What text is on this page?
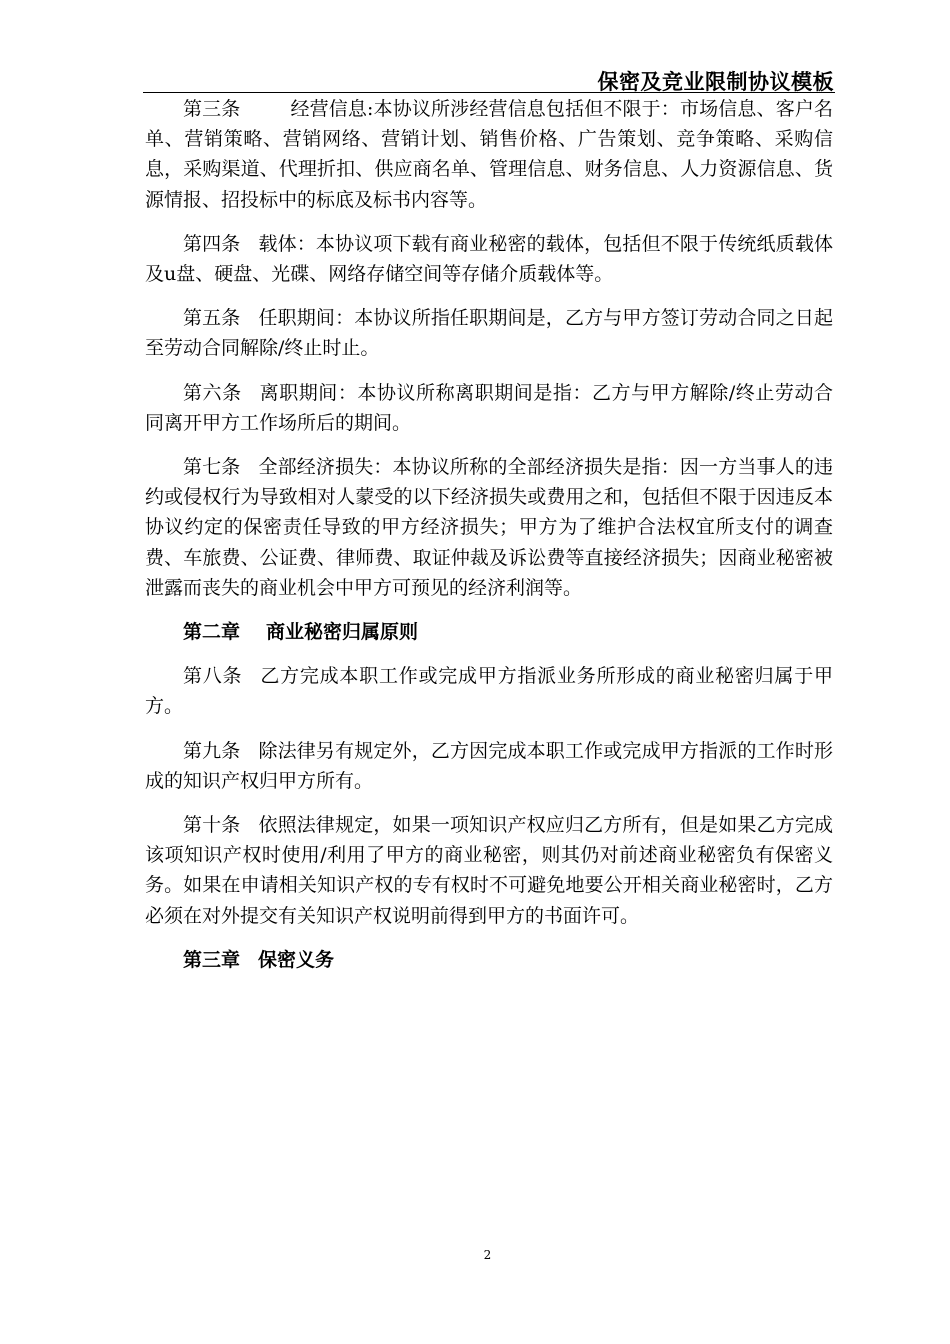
保密及竞业限制协议模板

第三条	经营信息:本协议所涉经营信息包括但不限于：市场信息、客户名单、营销策略、营销网络、营销计划、销售价格、广告策划、竞争策略、采购信息，采购渠道、代理折扣、供应商名单、管理信息、财务信息、人力资源信息、货源情报、招投标中的标底及标书内容等。

第四条 载体：本协议项下载有商业秘密的载体，包括但不限于传统纸质载体及u盘、硬盘、光碟、网络存储空间等存储介质载体等。

第五条 任职期间：本协议所指任职期间是，乙方与甲方签订劳动合同之日起至劳动合同解除/终止时止。

第六条 离职期间：本协议所称离职期间是指：乙方与甲方解除/终止劳动合同离开甲方工作场所后的期间。

第七条 全部经济损失：本协议所称的全部经济损失是指：因一方当事人的违约或侵权行为导致相对人蒙受的以下经济损失或费用之和，包括但不限于因违反本协议约定的保密责任导致的甲方经济损失；甲方为了维护合法权宜所支付的调查费、车旅费、公证费、律师费、取证仲裁及诉讼费等直接经济损失；因商业秘密被泄露而丧失的商业机会中甲方可预见的经济利润等。

第二章 商业秘密归属原则

第八条 乙方完成本职工作或完成甲方指派业务所形成的商业秘密归属于甲方。

第九条 除法律另有规定外，乙方因完成本职工作或完成甲方指派的工作时形成的知识产权归甲方所有。

第十条 依照法律规定，如果一项知识产权应归乙方所有，但是如果乙方完成该项知识产权时使用/利用了甲方的商业秘密，则其仍对前述商业秘密负有保密义务。如果在申请相关知识产权的专有权时不可避免地要公开相关商业秘密时，乙方必须在对外提交有关知识产权说明前得到甲方的书面许可。

第三章 保密义务

2
